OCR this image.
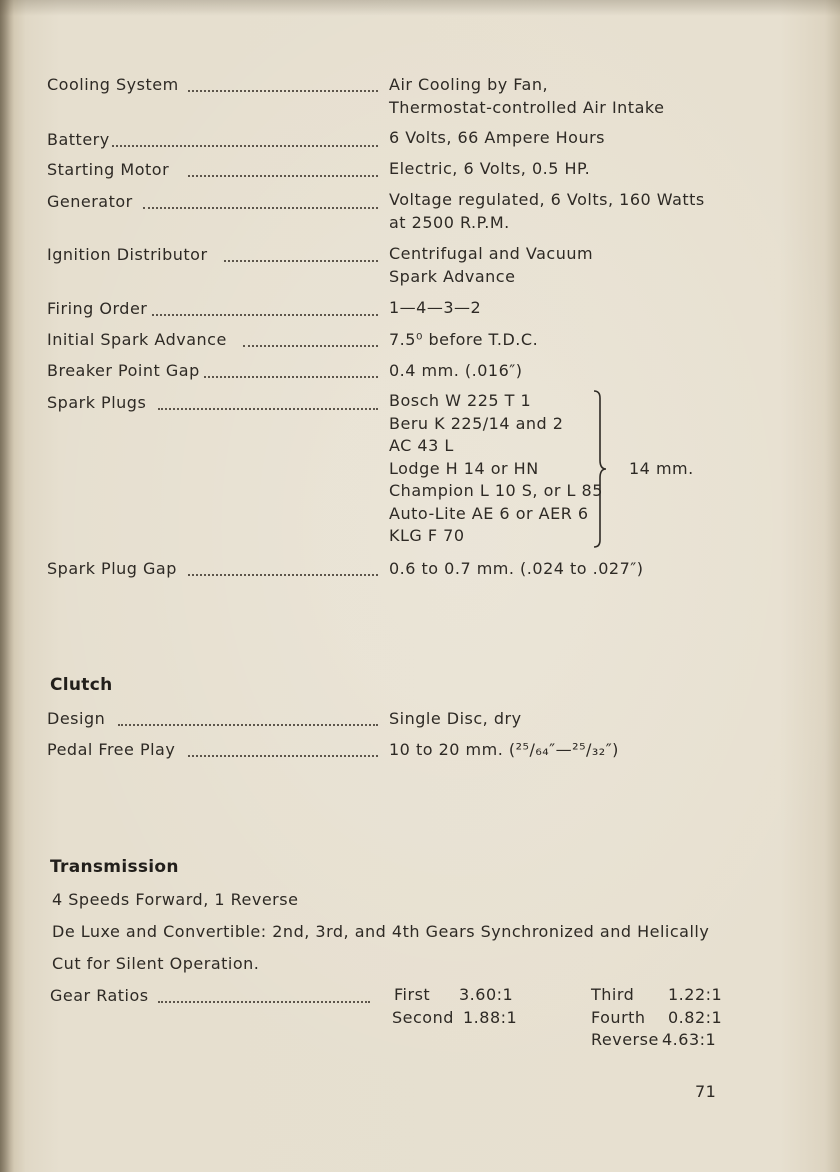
Cooling System	Air Cooling by Fan,
Thermostat-controlled Air Intake
Battery	6 Volts, 66 Ampere Hours
Starting Motor	Electric, 6 Volts, 0.5 HP.
Generator	Voltage regulated, 6 Volts, 160 Watts
at 2500 R.P.M.
Ignition Distributor	Centrifugal and Vacuum
Spark Advance
Firing Order	1—4—3—2
Initial Spark Advance	7.5⁰ before T.D.C.
Breaker Point Gap	0.4 mm. (.016″)
Spark Plugs	Bosch W 225 T 1
Beru K 225/14 and 2
AC 43 L
Lodge H 14 or HN
Champion L 10 S, or L 85
Auto-Lite AE 6 or AER 6
KLG F 70
14 mm.
Spark Plug Gap	0.6 to 0.7 mm. (.024 to .027″)
Clutch
Design	Single Disc, dry
Pedal Free Play	10 to 20 mm. (²⁵/₆₄″—²⁵/₃₂″)
Transmission
4 Speeds Forward, 1 Reverse
De Luxe and Convertible: 2nd, 3rd, and 4th Gears Synchronized and Helically
Cut for Silent Operation.
Gear Ratios	First 3.60:1
Second 1.88:1
Third 1.22:1
Fourth 0.82:1
Reverse 4.63:1
71
